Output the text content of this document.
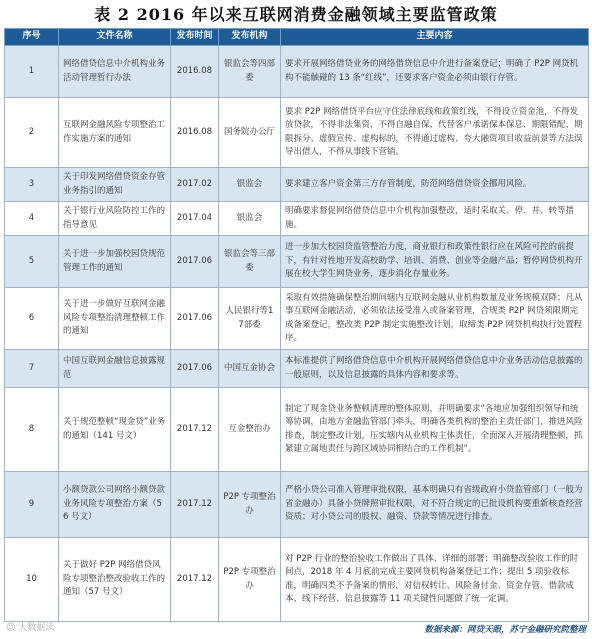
表 2 2016 年以来互联网消费金融领域主要监管政策
序号	文件名称	发布时间	发布机构	主要内容
1	网络借贷信息中介机构业务活动管理暂行办法	2016.08	银监会等四部委	要求开展网络借贷业务的网络借贷信息中介进行备案登记；明确了 P2P 网贷机构不能触碰的 13 条“红线”，还要求客户资金必须由银行存管。
2	互联网金融风险专项整治工作实施方案的通知	2016.08	国务院办公厅	要求 P2P 网络借贷平台应守住法律底线和政策红线，不得设立资金池，不得发放贷款，不得非法集资，不得自融自保、代替客户承诺保本保息、期限错配、期限拆分、虚假宣传、虚构标的，不得通过虚构、夸大融资项目收益前景等方法误导出借人，不得从事线下营销。
3	关于印发网络借贷资金存管业务指引的通知	2017.02	银监会	要求建立客户资金第三方存管制度，防范网络借贷资金挪用风险。
4	关于银行业风险防控工作的指导意见	2017.04	银监会	明确要求督促网络借贷信息中介机构加强整改，适时采取关、停、并、转等措施。
5	关于进一步加强校园贷规范管理工作的通知	2017.06	银监会等三部委	进一步加大校园贷监管整治力度，商业银行和政策性银行应在风险可控的前提下，有针对性地开发高校助学、培训、消费、创业等金融产品；暂停网贷机构开展在校大学生网贷业务，逐步消化存量业务。
6	关于进一步做好互联网金融风险专项整治清理整顿工作的通知	2017.06	人民银行等17部委	采取有效措施确保整治期间辖内互联网金融从业机构数量及业务规模双降；凡从事互联网金融活动，必须依法接受准入或备案管理，合规类 P2P 网贷须限期完成备案登记，整改类 P2P 制定实施整改计划，取缔类 P2P 网贷机构执行处置程序。
7	中国互联网金融信息披露规范	2017.06	中国互金协会	本标准提供了网络借贷信息中介机构开展网络借贷信息中介业务活动信息披露的一般原则，以及信息披露的具体内容和要求等。
8	关于规范整顿“现金贷”业务的通知（141 号文）	2017.12	互金整治办	制定了现金贷业务整顿清理的整体原则，并明确要求“各地应加强组织领导和统筹协调，由地方金融监管部门牵头，明确各类机构的整治主责任部门，推进风险排查，制定整改计划，压实辖内从业机构主体责任，全面深入开展清理整顿，抓紧建立属地责任与跨区域协同相结合的工作机制”。
9	小额贷款公司网络小额贷款业务风险专项整治方案（56 号文）	2017.12	P2P 专项整治办	严格小贷公司准入管理审批权限，基本明确只有省级政府小贷监管部门（一般为省金融办）具备小贷牌照审批权限，对不符合规定的已批设机构要重新核查经营资质；对小贷公司的股权、融资、贷款等情况进行排查。
10	关于做好 P2P 网络借贷风险专项整治整改验收工作的通知（57 号文）	2017.12	P2P 专项整治办	对 P2P 行业的整治验收工作做出了具体、详细的部署：明确整改验收工作的时间点，2018 年 4 月底前完成主要网贷机构备案登记工作；提出 5 项验收标准，明确四类不予备案的情形，对信权转让、风险备付金、资金存管、借款成本、线下经营、信息披露等 11 项关键性问题做了统一定调。
☺ 大数据读	数据来源：网贷天眼，苏宁金融研究院整理
